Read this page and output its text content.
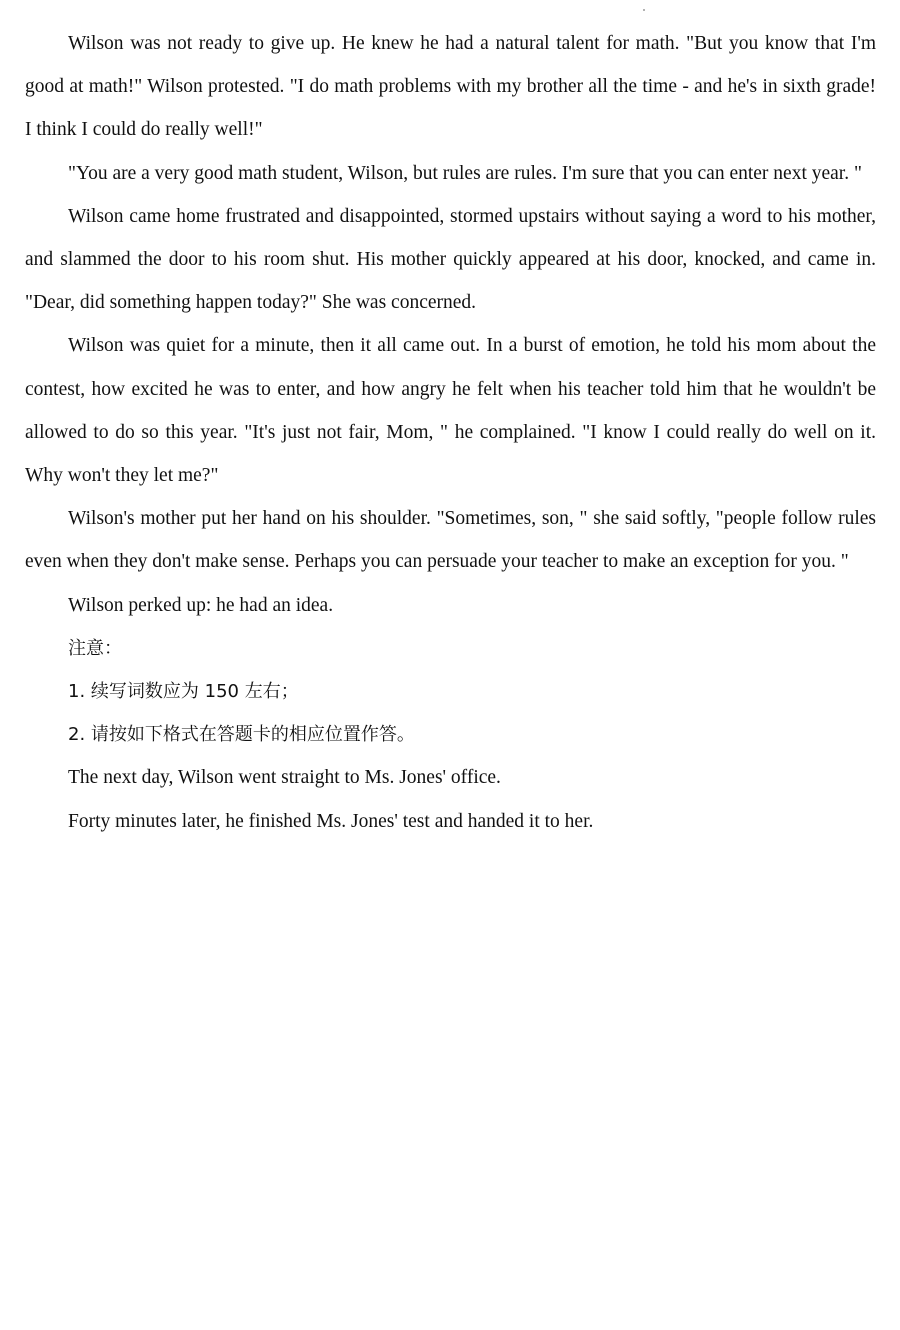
Wilson was not ready to give up. He knew he had a natural talent for math. "But you know that I'm good at math!" Wilson protested. "I do math problems with my brother all the time - and he's in sixth grade! I think I could do really well!"

"You are a very good math student, Wilson, but rules are rules. I'm sure that you can enter next year. "

Wilson came home frustrated and disappointed, stormed upstairs without saying a word to his mother, and slammed the door to his room shut. His mother quickly appeared at his door, knocked, and came in. "Dear, did something happen today?" She was concerned.

Wilson was quiet for a minute, then it all came out. In a burst of emotion, he told his mom about the contest, how excited he was to enter, and how angry he felt when his teacher told him that he wouldn't be allowed to do so this year. "It's just not fair, Mom, " he complained. "I know I could really do well on it. Why won't they let me?"

Wilson's mother put her hand on his shoulder. "Sometimes, son, " she said softly, "people follow rules even when they don't make sense. Perhaps you can persuade your teacher to make an exception for you. "

Wilson perked up: he had an idea.

注意：

1. 续写词数应为 150 左右；

2. 请按如下格式在答题卡的相应位置作答。

The next day, Wilson went straight to Ms. Jones' office.

Forty minutes later, he finished Ms. Jones' test and handed it to her.
